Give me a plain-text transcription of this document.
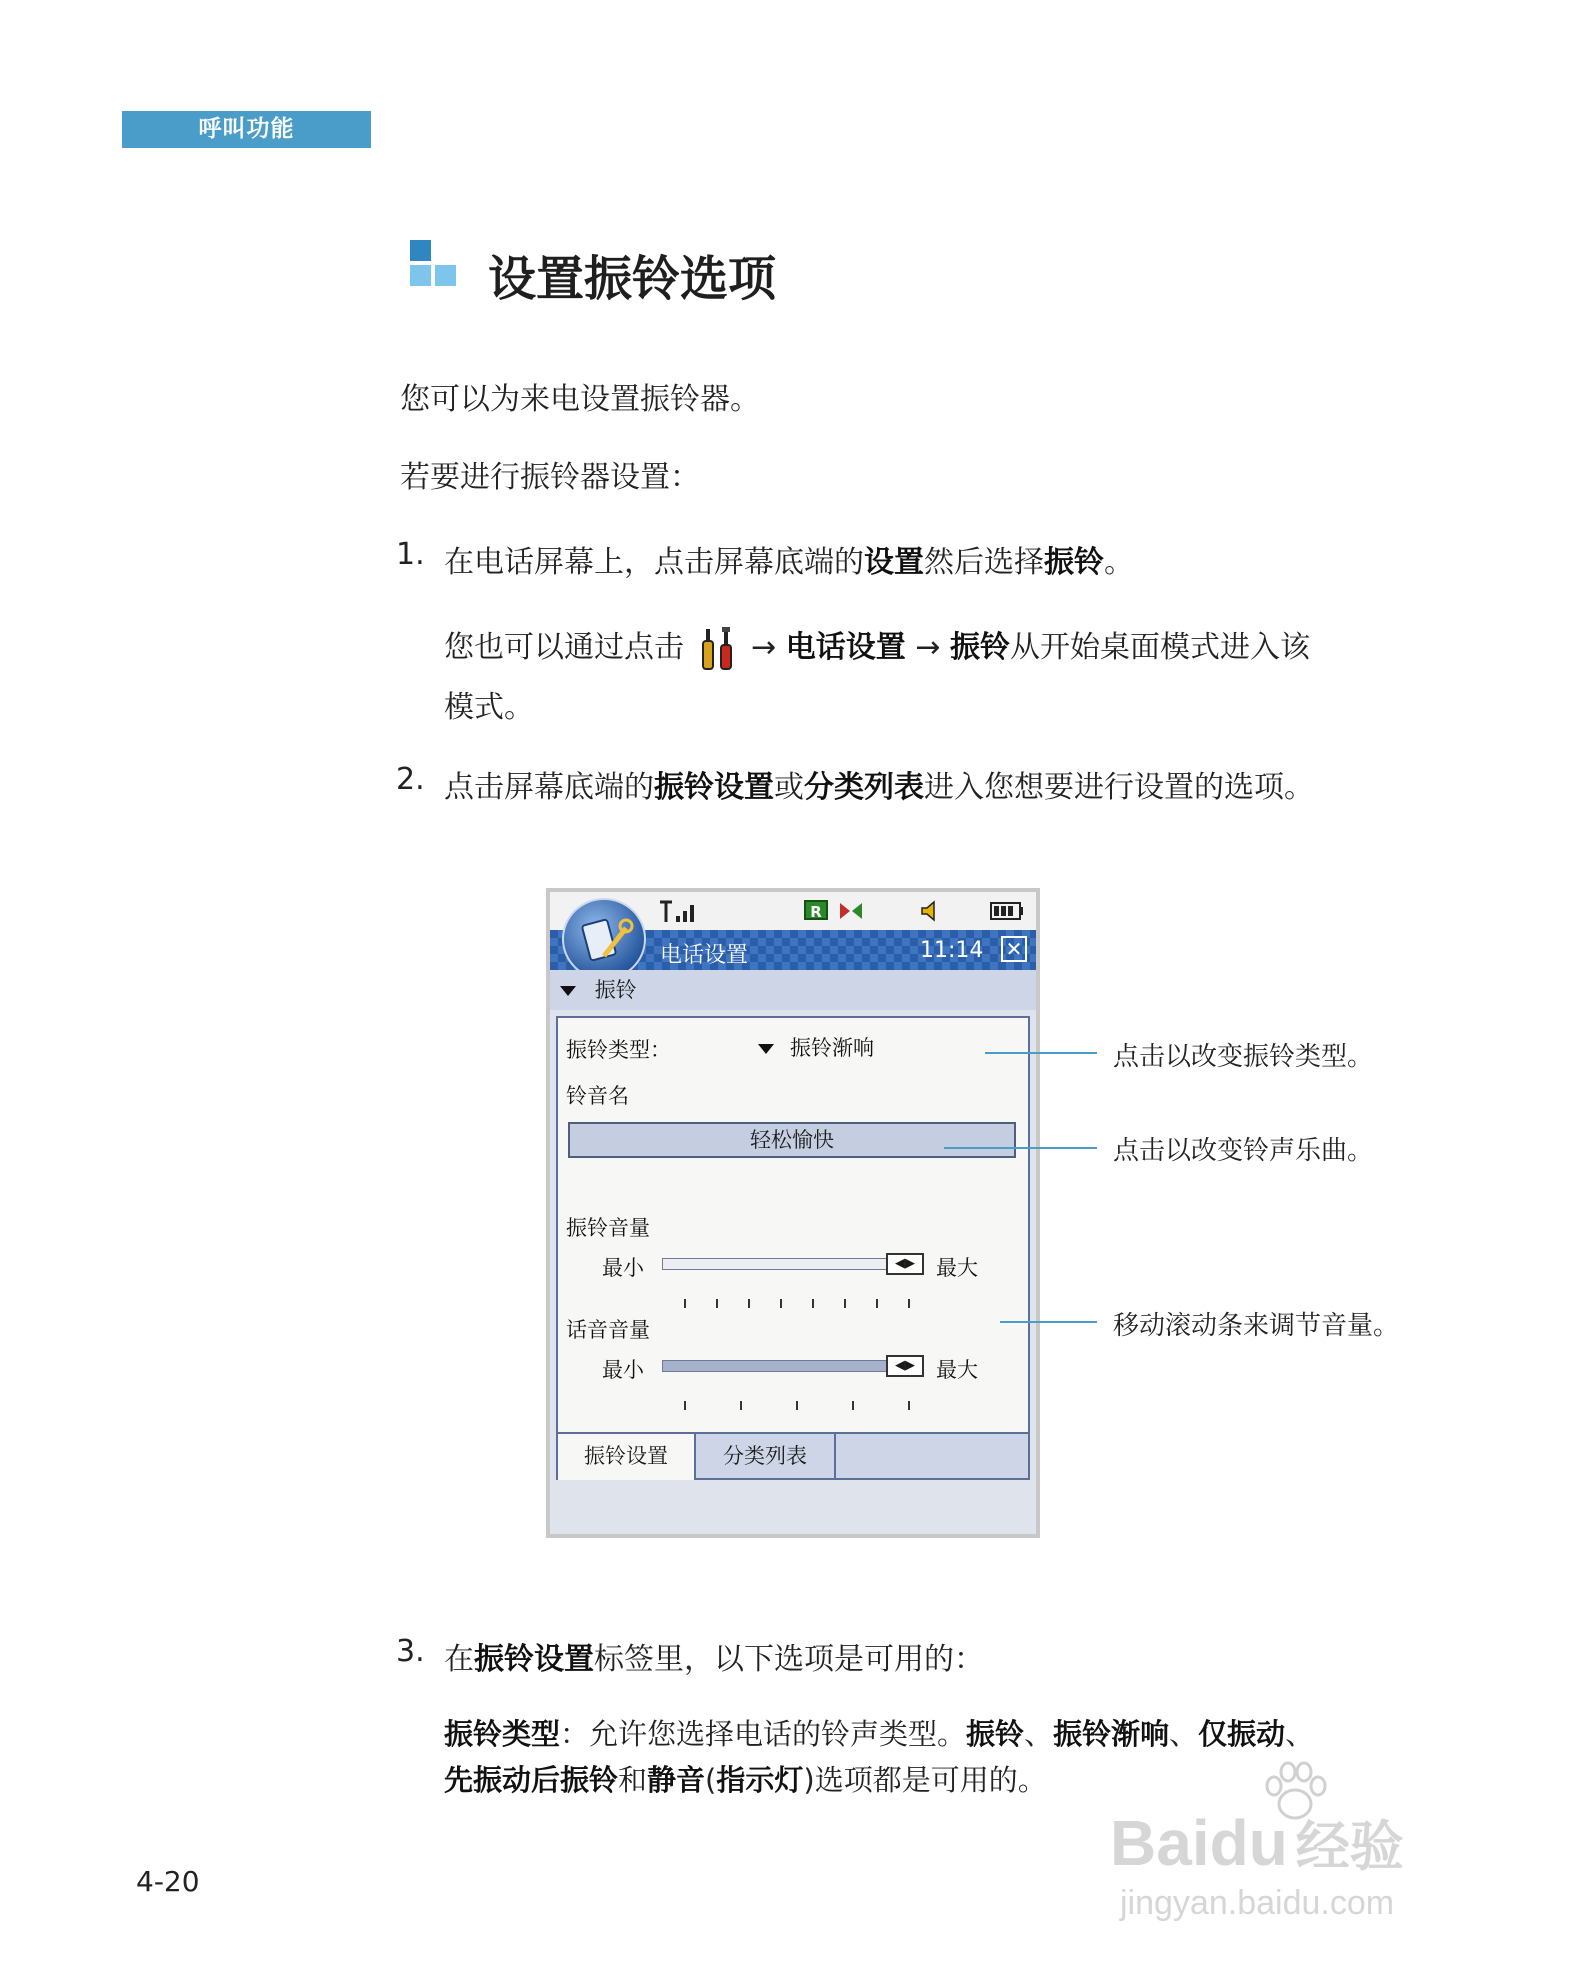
呼叫功能
设置振铃选项
您可以为来电设置振铃器。
若要进行振铃器设置：
1. 在电话屏幕上，点击屏幕底端的设置然后选择振铃。
您也可以通过点击 → 电话设置 → 振铃从开始桌面模式进入该
模式。
2. 点击屏幕底端的振铃设置或分类列表进入您想要进行设置的选项。
R
电话设置	11:14 ✕
振铃
振铃类型：	振铃渐响
铃音名
轻松愉快
振铃音量
最小	◀▶	最大
话音音量
最小	◀▶	最大
振铃设置	分类列表
点击以改变振铃类型。
点击以改变铃声乐曲。
移动滚动条来调节音量。
3. 在振铃设置标签里，以下选项是可用的：
振铃类型：允许您选择电话的铃声类型。振铃、振铃渐响、仅振动、
先振动后振铃和静音(指示灯)选项都是可用的。
4-20
Baidu 经验
jingyan.baidu.com
